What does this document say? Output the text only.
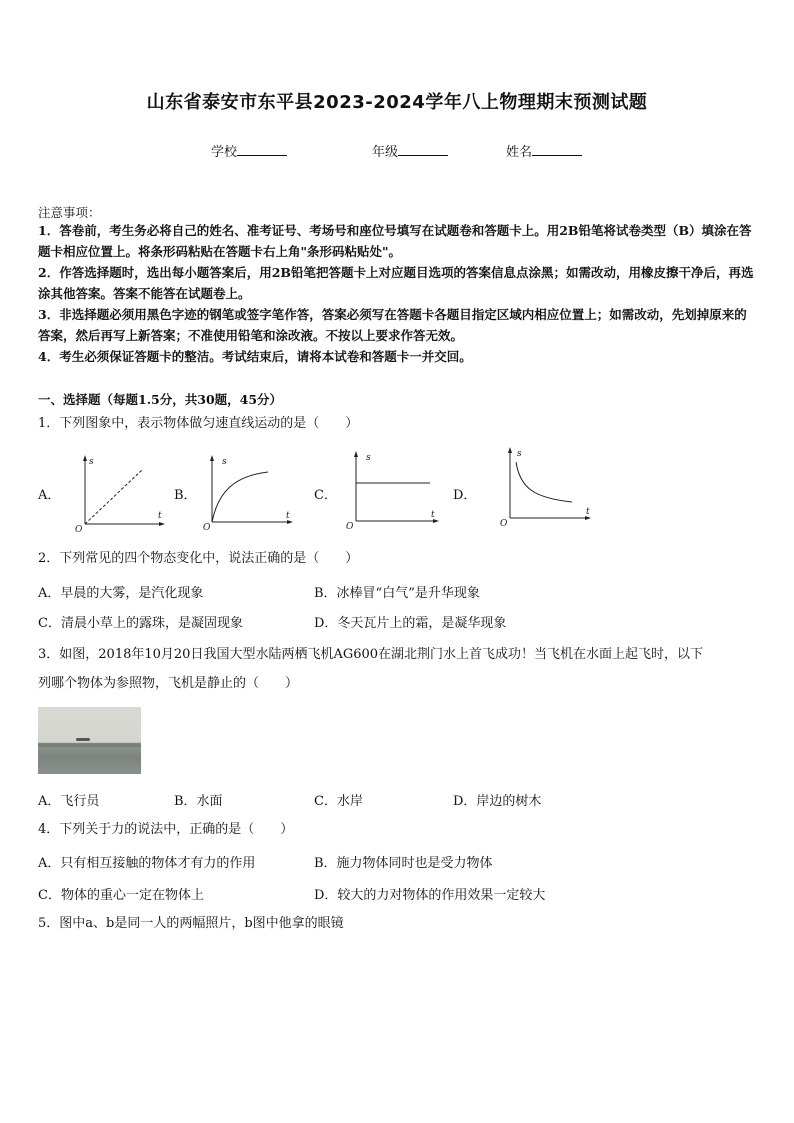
山东省泰安市东平县2023-2024学年八上物理期末预测试题
学校	年级	姓名
注意事项：
1．答卷前，考生务必将自己的姓名、准考证号、考场号和座位号填写在试题卷和答题卡上。用2B铅笔将试卷类型（B）填涂在答题卡相应位置上。将条形码粘贴在答题卡右上角"条形码粘贴处"。
2．作答选择题时，选出每小题答案后，用2B铅笔把答题卡上对应题目选项的答案信息点涂黑；如需改动，用橡皮擦干净后，再选涂其他答案。答案不能答在试题卷上。
3．非选择题必须用黑色字迹的钢笔或签字笔作答，答案必须写在答题卡各题目指定区域内相应位置上；如需改动，先划掉原来的答案，然后再写上新答案；不准使用铅笔和涂改液。不按以上要求作答无效。
4．考生必须保证答题卡的整洁。考试结束后，请将本试卷和答题卡一并交回。
一、选择题（每题1.5分，共30题，45分）
1．下列图象中，表示物体做匀速直线运动的是（　　）
A．
s
t
O
B．
s
t
O
C．
s
t
O
D．
s
t
O
2．下列常见的四个物态变化中，说法正确的是（　　）
A．早晨的大雾，是汽化现象	B．冰棒冒“白气”是升华现象
C．清晨小草上的露珠，是凝固现象	D．冬天瓦片上的霜，是凝华现象
3．如图，2018年10月20日我国大型水陆两栖飞机AG600在湖北荆门水上首飞成功！当飞机在水面上起飞时，以下
列哪个物体为参照物，飞机是静止的（　　）
A．飞行员	B．水面	C．水岸	D．岸边的树木
4．下列关于力的说法中，正确的是（　　）
A．只有相互接触的物体才有力的作用	B．施力物体同时也是受力物体
C．物体的重心一定在物体上	D．较大的力对物体的作用效果一定较大
5．图中a、b是同一人的两幅照片，b图中他拿的眼镜
